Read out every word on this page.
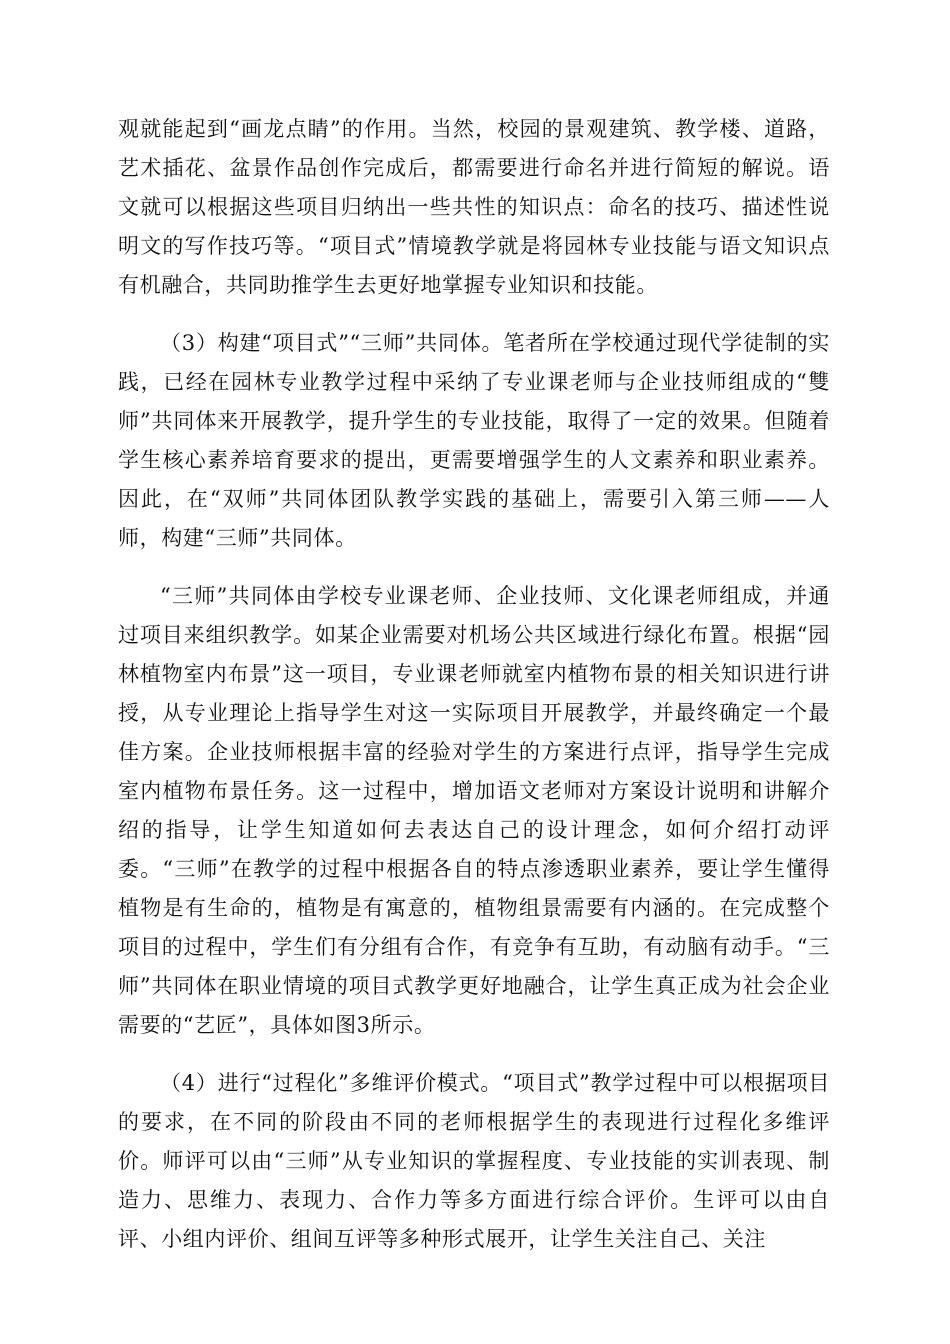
观就能起到“画龙点睛”的作用。当然，校园的景观建筑、教学楼、道路，艺术插花、盆景作品创作完成后，都需要进行命名并进行简短的解说。语文就可以根据这些项目归纳出一些共性的知识点：命名的技巧、描述性说明文的写作技巧等。“项目式”情境教学就是将园林专业技能与语文知识点有机融合，共同助推学生去更好地掌握专业知识和技能。

（3）构建“项目式”“三师”共同体。笔者所在学校通过现代学徒制的实践，已经在园林专业教学过程中采纳了专业课老师与企业技师组成的“雙师”共同体来开展教学，提升学生的专业技能，取得了一定的效果。但随着学生核心素养培育要求的提出，更需要增强学生的人文素养和职业素养。因此，在“双师”共同体团队教学实践的基础上，需要引入第三师——人师，构建“三师”共同体。

“三师”共同体由学校专业课老师、企业技师、文化课老师组成，并通过项目来组织教学。如某企业需要对机场公共区域进行绿化布置。根据“园林植物室内布景”这一项目，专业课老师就室内植物布景的相关知识进行讲授，从专业理论上指导学生对这一实际项目开展教学，并最终确定一个最佳方案。企业技师根据丰富的经验对学生的方案进行点评，指导学生完成室内植物布景任务。这一过程中，增加语文老师对方案设计说明和讲解介绍的指导，让学生知道如何去表达自己的设计理念，如何介绍打动评委。“三师”在教学的过程中根据各自的特点渗透职业素养，要让学生懂得植物是有生命的，植物是有寓意的，植物组景需要有内涵的。在完成整个项目的过程中，学生们有分组有合作，有竞争有互助，有动脑有动手。“三师”共同体在职业情境的项目式教学更好地融合，让学生真正成为社会企业需要的“艺匠”，具体如图3所示。

（4）进行“过程化”多维评价模式。“项目式”教学过程中可以根据项目的要求，在不同的阶段由不同的老师根据学生的表现进行过程化多维评价。师评可以由“三师”从专业知识的掌握程度、专业技能的实训表现、制造力、思维力、表现力、合作力等多方面进行综合评价。生评可以由自评、小组内评价、组间互评等多种形式展开，让学生关注自己、关注
